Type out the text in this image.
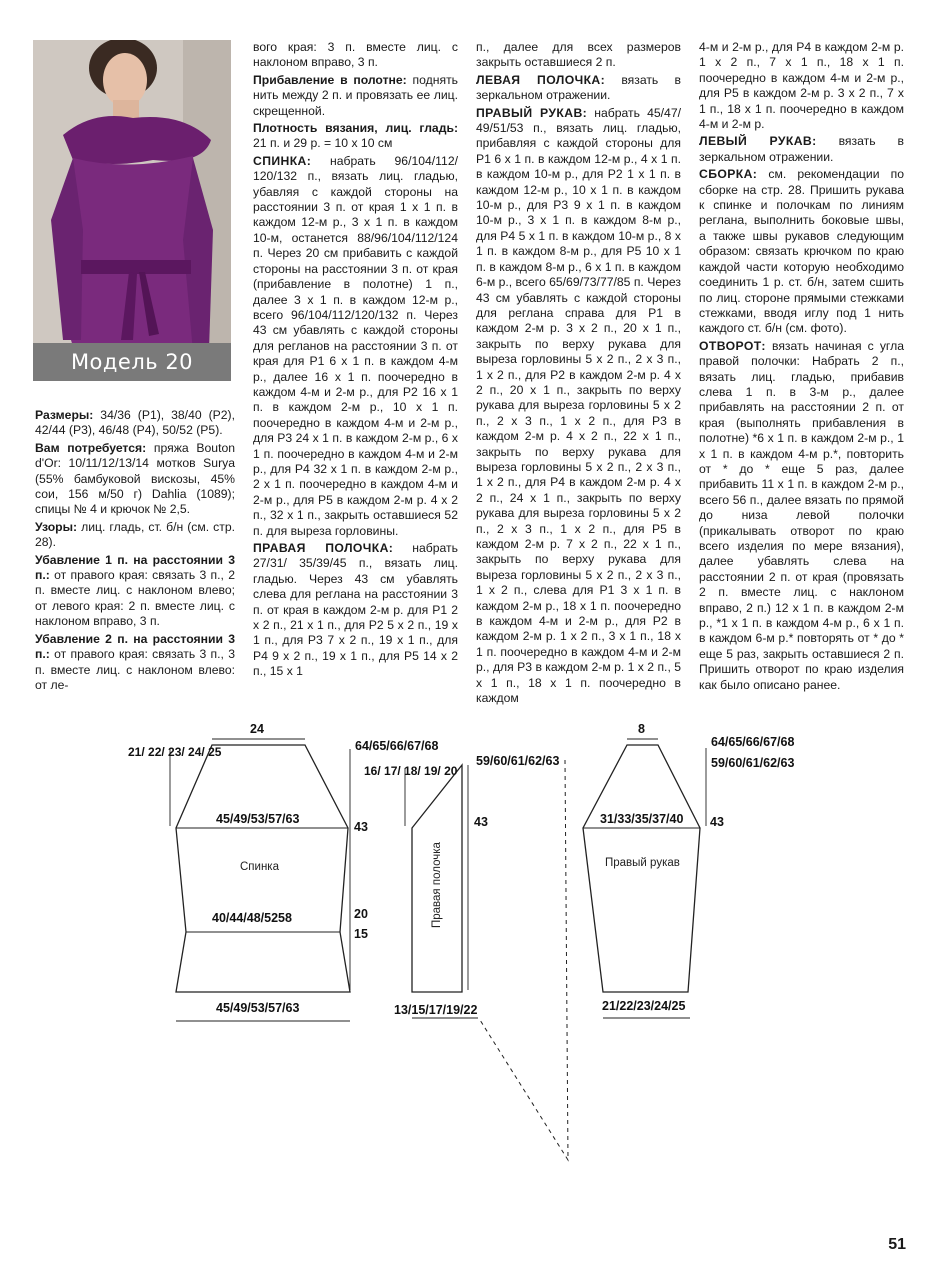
Модель 20

Размеры: 34/36 (P1), 38/40 (P2), 42/44 (P3), 46/48 (P4), 50/52 (P5).

Вам потребуется: пряжа Bouton d'Or: 10/11/12/13/14 мотков Surya (55% бамбуковой вискозы, 45% сои, 156 м/50 г) Dahlia (1089); спицы № 4 и крючок № 2,5.

Узоры: лиц. гладь, ст. б/н (см. стр. 28).

Убавление 1 п. на расстоянии 3 п.: от правого края: связать 3 п., 2 п. вместе лиц. с наклоном влево; от левого края: 2 п. вместе лиц. с наклоном вправо, 3 п.

Убавление 2 п. на расстоянии 3 п.: от правого края: связать 3 п., 3 п. вместе лиц. с наклоном влево: от ле-

вого края: 3 п. вместе лиц. с наклоном вправо, 3 п.

Прибавление в полотне: поднять нить между 2 п. и провязать ее лиц. скрещенной.

Плотность вязания, лиц. гладь: 21 п. и 29 р. = 10 х 10 см

СПИНКА: набрать 96/104/112/ 120/132 п., вязать лиц. гладью, убавляя с каждой стороны на расстоянии 3 п. от края 1 х 1 п. в каждом 12-м р., 3 х 1 п. в каждом 10-м, останется 88/96/104/112/124 п. Через 20 см прибавить с каждой стороны на расстоянии 3 п. от края (прибавление в полотне) 1 п., далее 3 х 1 п. в каждом 12-м р., всего 96/104/112/120/132 п. Через 43 см убавлять с каждой стороны для регланов на расстоянии 3 п. от края для P1 6 х 1 п. в каждом 4-м р., далее 16 х 1 п. поочередно в каждом 4-м и 2-м р., для P2 16 х 1 п. в каждом 2-м р., 10 х 1 п. поочередно в каждом 4-м и 2-м р., для P3 24 х 1 п. в каждом 2-м р., 6 х 1 п. поочередно в каждом 4-м и 2-м р., для P4 32 х 1 п. в каждом 2-м р., 2 х 1 п. поочередно в каждом 4-м и 2-м р., для P5 в каждом 2-м р. 4 х 2 п., 32 х 1 п., закрыть оставшиеся 52 п. для выреза горловины.

ПРАВАЯ ПОЛОЧКА: набрать 27/31/ 35/39/45 п., вязать лиц. гладью. Через 43 см убавлять слева для реглана на расстоянии 3 п. от края в каждом 2-м р. для P1 2 х 2 п., 21 х 1 п., для P2 5 х 2 п., 19 х 1 п., для P3 7 х 2 п., 19 х 1 п., для P4 9 х 2 п., 19 х 1 п., для P5 14 х 2 п., 15 х 1

п., далее для всех размеров закрыть оставшиеся 2 п.

ЛЕВАЯ ПОЛОЧКА: вязать в зеркальном отражении.

ПРАВЫЙ РУКАВ: набрать 45/47/ 49/51/53 п., вязать лиц. гладью, прибавляя с каждой стороны для P1 6 х 1 п. в каждом 12-м р., 4 х 1 п. в каждом 10-м р., для P2 1 х 1 п. в каждом 12-м р., 10 х 1 п. в каждом 10-м р., для P3 9 х 1 п. в каждом 10-м р., 3 х 1 п. в каждом 8-м р., для P4 5 х 1 п. в каждом 10-м р., 8 х 1 п. в каждом 8-м р., для P5 10 х 1 п. в каждом 8-м р., 6 х 1 п. в каждом 6-м р., всего 65/69/73/77/85 п. Через 43 см убавлять с каждой стороны для реглана справа для P1 в каждом 2-м р. 3 х 2 п., 20 х 1 п., закрыть по верху рукава для выреза горловины 5 х 2 п., 2 х 3 п., 1 х 2 п., для P2 в каждом 2-м р. 4 х 2 п., 20 х 1 п., закрыть по верху рукава для выреза горловины 5 х 2 п., 2 х 3 п., 1 х 2 п., для P3 в каждом 2-м р. 4 х 2 п., 22 х 1 п., закрыть по верху рукава для выреза горловины 5 х 2 п., 2 х 3 п., 1 х 2 п., для P4 в каждом 2-м р. 4 х 2 п., 24 х 1 п., закрыть по верху рукава для выреза горловины 5 х 2 п., 2 х 3 п., 1 х 2 п., для P5 в каждом 2-м р. 7 х 2 п., 22 х 1 п., закрыть по верху рукава для выреза горловины 5 х 2 п., 2 х 3 п., 1 х 2 п., слева для P1 3 х 1 п. в каждом 2-м р., 18 х 1 п. поочередно в каждом 4-м и 2-м р., для P2 в каждом 2-м р. 1 х 2 п., 3 х 1 п., 18 х 1 п. поочередно в каждом 4-м и 2-м р., для P3 в каждом 2-м р. 1 х 2 п., 5 х 1 п., 18 х 1 п. поочередно в каждом

4-м и 2-м р., для P4 в каждом 2-м р. 1 х 2 п., 7 х 1 п., 18 х 1 п. поочередно в каждом 4-м и 2-м р., для P5 в каждом 2-м р. 3 х 2 п., 7 х 1 п., 18 х 1 п. поочередно в каждом 4-м и 2-м р.

ЛЕВЫЙ РУКАВ: вязать в зеркальном отражении.

СБОРКА: см. рекомендации по сборке на стр. 28. Пришить рукава к спинке и полочкам по линиям реглана, выполнить боковые швы, а также швы рукавов следующим образом: связать крючком по краю каждой части которую необходимо соединить 1 р. ст. б/н, затем сшить по лиц. стороне прямыми стежками стежками, вводя иглу под 1 нить каждого ст. б/н (см. фото).

ОТВОРОТ: вязать начиная с угла правой полочки: Набрать 2 п., вязать лиц. гладью, прибавив слева 1 п. в 3-м р., далее прибавлять на расстоянии 2 п. от края (выполнять прибавления в полотне) *6 х 1 п. в каждом 2-м р., 1 х 1 п. в каждом 4-м р.*, повторить от * до * еще 5 раз, далее прибавить 11 х 1 п. в каждом 2-м р., всего 56 п., далее вязать по прямой до низа левой полочки (прикалывать отворот по краю всего изделия по мере вязания), далее убавлять слева на расстоянии 2 п. от края (провязать 2 п. вместе лиц. с наклоном вправо, 2 п.) 12 х 1 п. в каждом 2-м р., *1 х 1 п. в каждом 4-м р., 6 х 1 п. в каждом 6-м р.* повторять от * до * еще 5 раз, закрыть оставшиеся 2 п. Пришить отворот по краю изделия как было описано ранее.

24
21/ 22/ 23/ 24/ 25	64/65/66/67/68
45/49/53/57/63
43
Спинка
40/44/48/5258	20
15
45/49/53/57/63
16/ 17/ 18/ 19/ 20
59/60/61/62/63
43
Правая полочка
13/15/17/19/22
8
64/65/66/67/68
59/60/61/62/63
31/33/35/37/40 43
Правый рукав
21/22/23/24/25
51
